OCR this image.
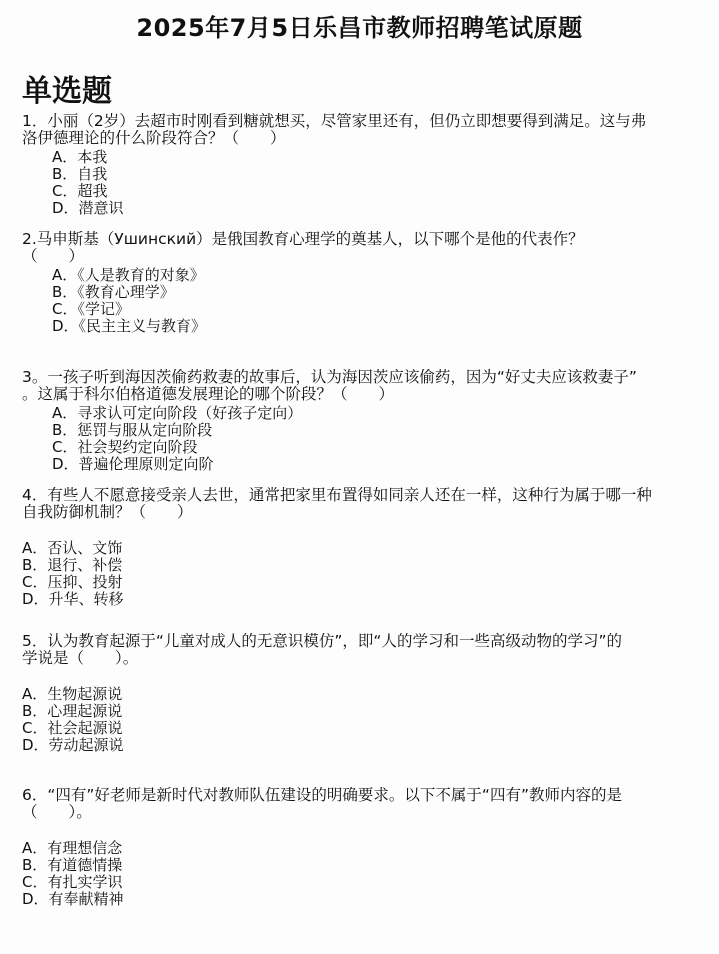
2025年7月5日乐昌市教师招聘笔试原题
单选题
1．小丽（2岁）去超市时刚看到糖就想买，尽管家里还有，但仍立即想要得到满足。这与弗
洛伊德理论的什么阶段符合？（　　）
A．本我
B．自我
C．超我
D．潜意识
2.马申斯基（Ушинский）是俄国教育心理学的奠基人，以下哪个是他的代表作？
（　　）
A．《人是教育的对象》
B．《教育心理学》
C．《学记》
D．《民主主义与教育》
3。一孩子听到海因茨偷药救妻的故事后，认为海因茨应该偷药，因为“好丈夫应该救妻子”
。这属于科尔伯格道德发展理论的哪个阶段？（　　）
A．寻求认可定向阶段（好孩子定向）
B．惩罚与服从定向阶段
C．社会契约定向阶段
D．普遍伦理原则定向阶
4．有些人不愿意接受亲人去世，通常把家里布置得如同亲人还在一样，这种行为属于哪一种
自我防御机制？（　　）
A．否认、文饰
B．退行、补偿
C．压抑、投射
D．升华、转移
5．认为教育起源于“儿童对成人的无意识模仿”，即“人的学习和一些高级动物的学习”的
学说是（　　）。
A．生物起源说
B．心理起源说
C．社会起源说
D．劳动起源说
6．“四有”好老师是新时代对教师队伍建设的明确要求。以下不属于“四有”教师内容的是
（　　）。
A．有理想信念
B．有道德情操
C．有扎实学识
D．有奉献精神
